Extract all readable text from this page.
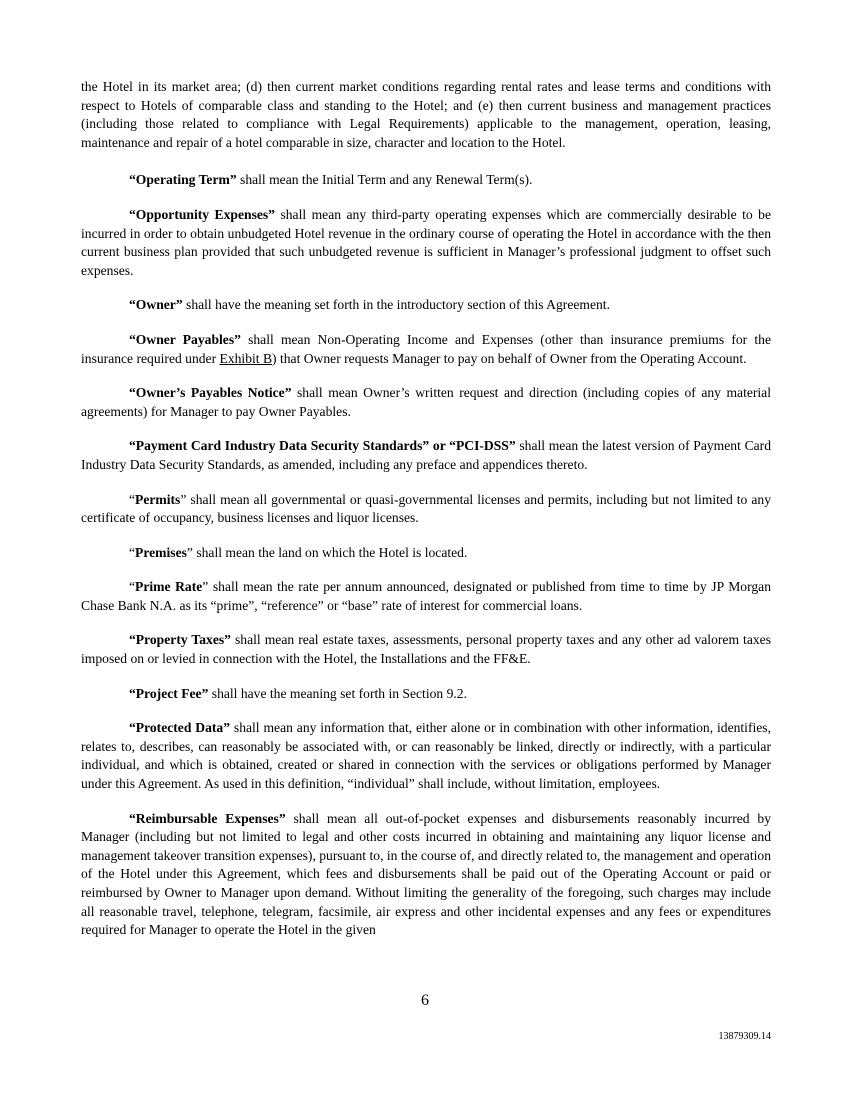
the Hotel in its market area; (d) then current market conditions regarding rental rates and lease terms and conditions with respect to Hotels of comparable class and standing to the Hotel; and (e) then current business and management practices (including those related to compliance with Legal Requirements) applicable to the management, operation, leasing, maintenance and repair of a hotel comparable in size, character and location to the Hotel.

“Operating Term” shall mean the Initial Term and any Renewal Term(s).

“Opportunity Expenses” shall mean any third-party operating expenses which are commercially desirable to be incurred in order to obtain unbudgeted Hotel revenue in the ordinary course of operating the Hotel in accordance with the then current business plan provided that such unbudgeted revenue is sufficient in Manager’s professional judgment to offset such expenses.

“Owner” shall have the meaning set forth in the introductory section of this Agreement.

“Owner Payables” shall mean Non-Operating Income and Expenses (other than insurance premiums for the insurance required under Exhibit B) that Owner requests Manager to pay on behalf of Owner from the Operating Account.

“Owner’s Payables Notice” shall mean Owner’s written request and direction (including copies of any material agreements) for Manager to pay Owner Payables.

“Payment Card Industry Data Security Standards” or “PCI-DSS” shall mean the latest version of Payment Card Industry Data Security Standards, as amended, including any preface and appendices thereto.

“Permits” shall mean all governmental or quasi-governmental licenses and permits, including but not limited to any certificate of occupancy, business licenses and liquor licenses.

“Premises” shall mean the land on which the Hotel is located.

“Prime Rate” shall mean the rate per annum announced, designated or published from time to time by JP Morgan Chase Bank N.A. as its “prime”, “reference” or “base” rate of interest for commercial loans.

“Property Taxes” shall mean real estate taxes, assessments, personal property taxes and any other ad valorem taxes imposed on or levied in connection with the Hotel, the Installations and the FF&E.

“Project Fee” shall have the meaning set forth in Section 9.2.

“Protected Data” shall mean any information that, either alone or in combination with other information, identifies, relates to, describes, can reasonably be associated with, or can reasonably be linked, directly or indirectly, with a particular individual, and which is obtained, created or shared in connection with the services or obligations performed by Manager under this Agreement. As used in this definition, “individual” shall include, without limitation, employees.

“Reimbursable Expenses” shall mean all out-of-pocket expenses and disbursements reasonably incurred by Manager (including but not limited to legal and other costs incurred in obtaining and maintaining any liquor license and management takeover transition expenses), pursuant to, in the course of, and directly related to, the management and operation of the Hotel under this Agreement, which fees and disbursements shall be paid out of the Operating Account or paid or reimbursed by Owner to Manager upon demand. Without limiting the generality of the foregoing, such charges may include all reasonable travel, telephone, telegram, facsimile, air express and other incidental expenses and any fees or expenditures required for Manager to operate the Hotel in the given

6
13879309.14
